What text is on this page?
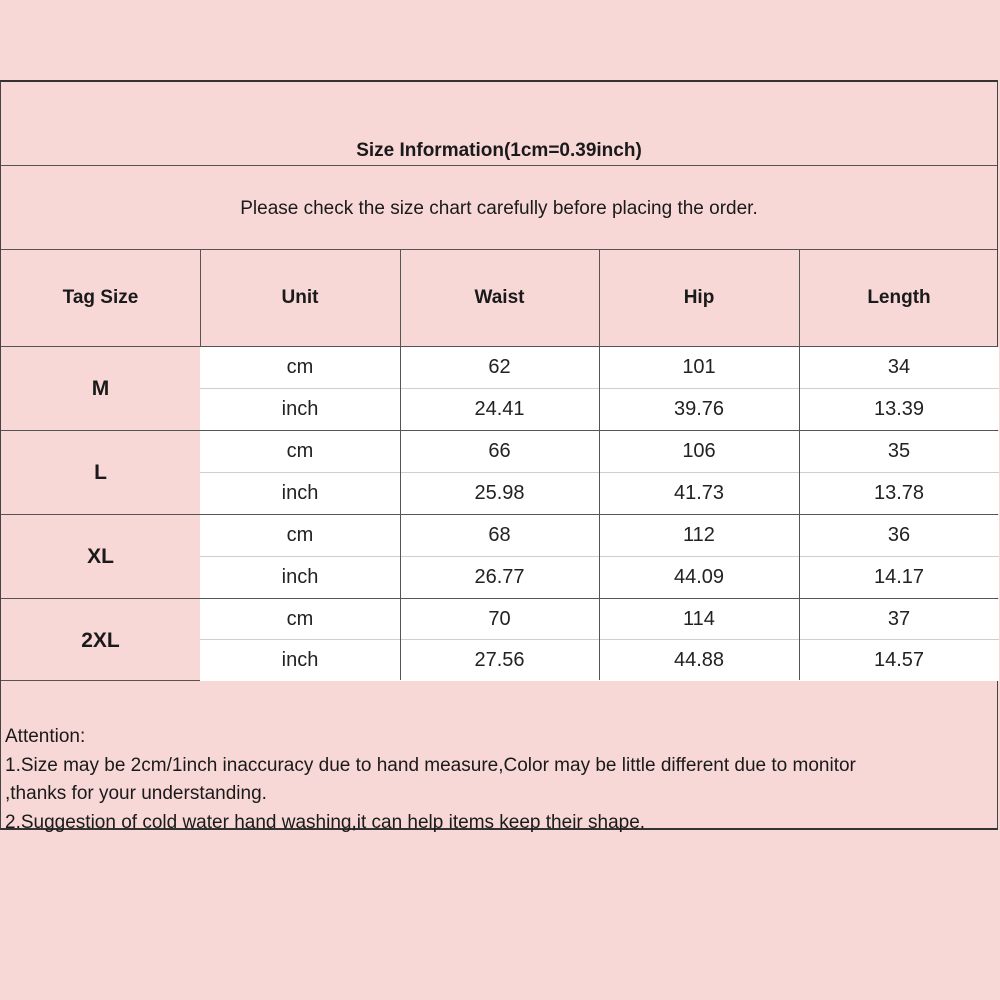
Size Information(1cm=0.39inch)
Please check the size chart carefully before placing the order.
Tag Size	Unit	Waist	Hip	Length
M
cm	62	101	34
inch	24.41	39.76	13.39
L
cm	66	106	35
inch	25.98	41.73	13.78
XL
cm	68	112	36
inch	26.77	44.09	14.17
2XL
cm	70	114	37
inch	27.56	44.88	14.57
Attention:
1.Size may be 2cm/1inch inaccuracy due to hand measure,Color may be little different due to monitor
,thanks for your understanding.
2.Suggestion of cold water hand washing,it can help items keep their shape.
